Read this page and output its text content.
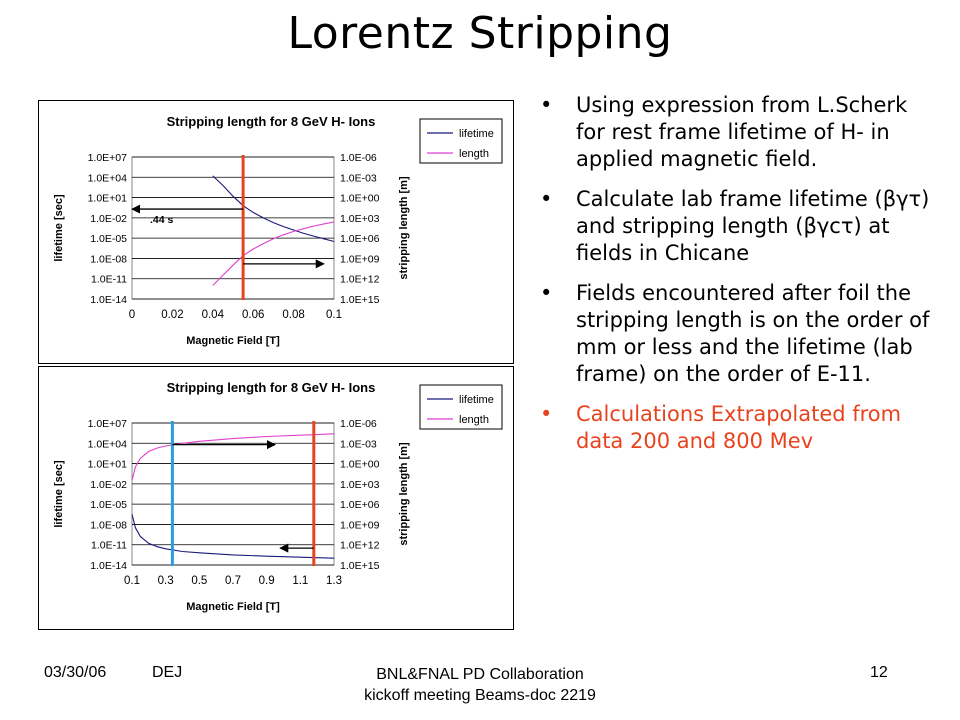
Lorentz Stripping
Stripping length for 8 GeV H- Ions
1.0E+07
1.0E+04
1.0E+01
1.0E-02
1.0E-05
1.0E-08
1.0E-11
1.0E-14
1.0E-06
1.0E-03
1.0E+00
1.0E+03
1.0E+06
1.0E+09
1.0E+12
1.0E+15
0 0.02 0.04 0.06 0.08 0.1
Magnetic Field [T]
lifetime [sec]	stripping length [m]
lifetime
length
.44 s
Stripping length for 8 GeV H- Ions
1.0E+07
1.0E+04
1.0E+01
1.0E-02
1.0E-05
1.0E-08
1.0E-11
1.0E-14
1.0E-06
1.0E-03
1.0E+00
1.0E+03
1.0E+06
1.0E+09
1.0E+12
1.0E+15
0.1 0.3 0.5 0.7 0.9 1.1 1.3
Magnetic Field [T]
lifetime [sec]	stripping length [m]
lifetime
length
• Using expression from L.Scherk for rest frame lifetime of H- in applied magnetic field.
• Calculate lab frame lifetime (βγτ) and stripping length (βγcτ) at fields in Chicane
• Fields encountered after foil the stripping length is on the order of mm or less and the lifetime (lab frame) on the order of E-11.
• Calculations Extrapolated from data 200 and 800 Mev
03/30/06	DEJ	BNL&FNAL PD Collaboration
kickoff meeting Beams-doc 2219
12
